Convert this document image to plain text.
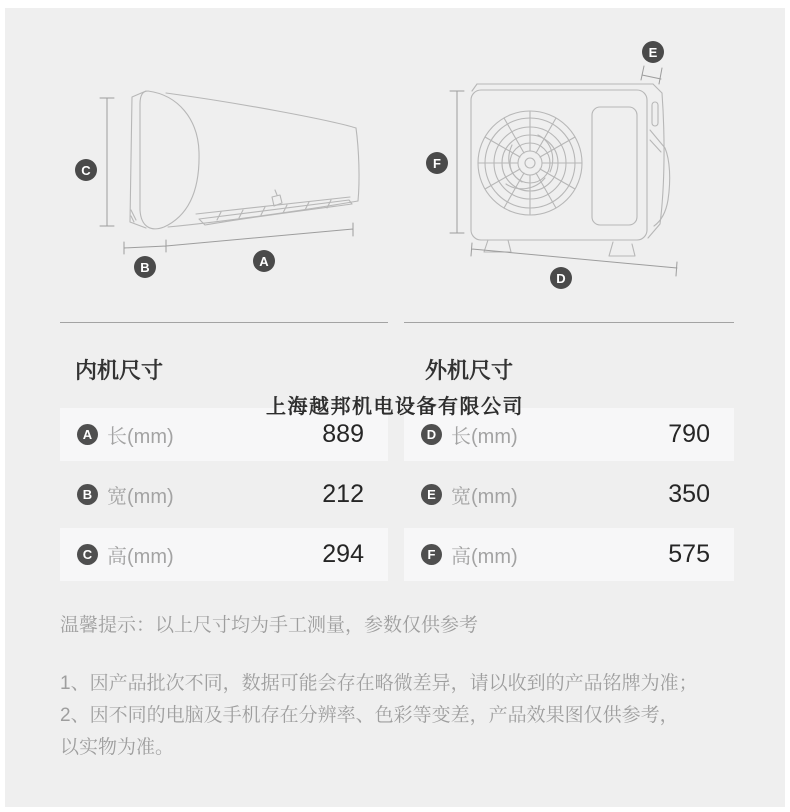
C
B	A
E
F
D
内机尺寸	外机尺寸
上海越邦机电设备有限公司
A 长(mm)	889
B 宽(mm)	212
C 高(mm)	294
D 长(mm)	790
E 宽(mm)	350
F 高(mm)	575
温馨提示：以上尺寸均为手工测量，参数仅供参考
1、因产品批次不同，数据可能会存在略微差异，请以收到的产品铭牌为准；
2、因不同的电脑及手机存在分辨率、色彩等变差，产品效果图仅供参考，
以实物为准。
